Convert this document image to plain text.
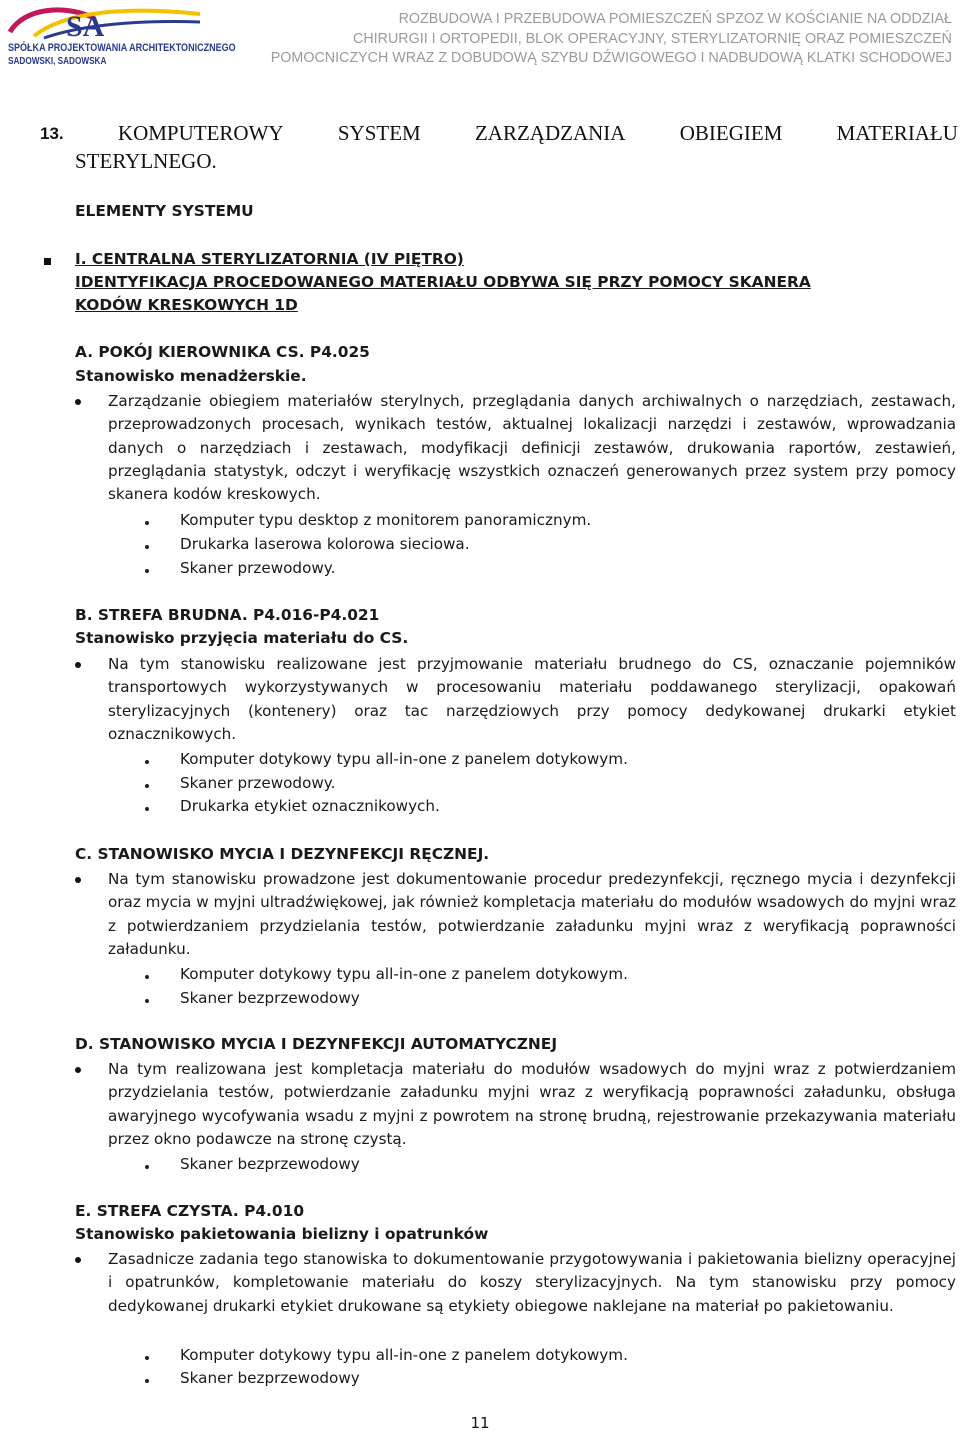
SA
SPÓŁKA PROJEKTOWANIA ARCHITEKTONICZNEGO
SADOWSKI, SADOWSKA
ROZBUDOWA I PRZEBUDOWA POMIESZCZEŃ SPZOZ W KOŚCIANIE NA ODDZIAŁ
CHIRURGII I ORTOPEDII, BLOK OPERACYJNY, STERYLIZATORNIĘ ORAZ POMIESZCZEŃ
POMOCNICZYCH WRAZ Z DOBUDOWĄ SZYBU DŹWIGOWEGO I NADBUDOWĄ KLATKI SCHODOWEJ
13.	KOMPUTEROWY	SYSTEM	ZARZĄDZANIA	OBIEGIEM	MATERIAŁU
STERYLNEGO.
ELEMENTY SYSTEMU
I. CENTRALNA STERYLIZATORNIA (IV PIĘTRO)
IDENTYFIKACJA PROCEDOWANEGO MATERIAŁU ODBYWA SIĘ PRZY POMOCY SKANERA
KODÓW KRESKOWYCH 1D
A. POKÓJ KIEROWNIKA CS. P4.025
Stanowisko menadżerskie.
Zarządzanie obiegiem materiałów sterylnych, przeglądania danych archiwalnych o narzędziach, zestawach, przeprowadzonych procesach, wynikach testów, aktualnej lokalizacji narzędzi i zestawów, wprowadzania danych o narzędziach i zestawach, modyfikacji definicji zestawów, drukowania raportów, zestawień, przeglądania statystyk, odczyt i weryfikację wszystkich oznaczeń generowanych przez system przy pomocy skanera kodów kreskowych.
Komputer typu desktop z monitorem panoramicznym.
Drukarka laserowa kolorowa sieciowa.
Skaner przewodowy.
B. STREFA BRUDNA. P4.016-P4.021
Stanowisko przyjęcia materiału do CS.
Na tym stanowisku realizowane jest przyjmowanie materiału brudnego do CS, oznaczanie pojemników transportowych wykorzystywanych w procesowaniu materiału poddawanego sterylizacji, opakowań sterylizacyjnych (kontenery) oraz tac narzędziowych przy pomocy dedykowanej drukarki etykiet oznacznikowych.
Komputer dotykowy typu all-in-one z panelem dotykowym.
Skaner przewodowy.
Drukarka etykiet oznacznikowych.
C. STANOWISKO MYCIA I DEZYNFEKCJI RĘCZNEJ.
Na tym stanowisku prowadzone jest dokumentowanie procedur predezynfekcji, ręcznego mycia i dezynfekcji oraz mycia w myjni ultradźwiękowej, jak również kompletacja materiału do modułów wsadowych do myjni wraz z potwierdzaniem przydzielania testów, potwierdzanie załadunku myjni wraz z weryfikacją poprawności załadunku.
Komputer dotykowy typu all-in-one z panelem dotykowym.
Skaner bezprzewodowy
D. STANOWISKO MYCIA I DEZYNFEKCJI AUTOMATYCZNEJ
Na tym realizowana jest kompletacja materiału do modułów wsadowych do myjni wraz z potwierdzaniem przydzielania testów, potwierdzanie załadunku myjni wraz z weryfikacją poprawności załadunku, obsługa awaryjnego wycofywania wsadu z myjni z powrotem na stronę brudną, rejestrowanie przekazywania materiału przez okno podawcze na stronę czystą.
Skaner bezprzewodowy
E. STREFA CZYSTA. P4.010
Stanowisko pakietowania bielizny i opatrunków
Zasadnicze zadania tego stanowiska to dokumentowanie przygotowywania i pakietowania bielizny operacyjnej i opatrunków, kompletowanie materiału do koszy sterylizacyjnych. Na tym stanowisku przy pomocy dedykowanej drukarki etykiet drukowane są etykiety obiegowe naklejane na materiał po pakietowaniu.
Komputer dotykowy typu all-in-one z panelem dotykowym.
Skaner bezprzewodowy
11
